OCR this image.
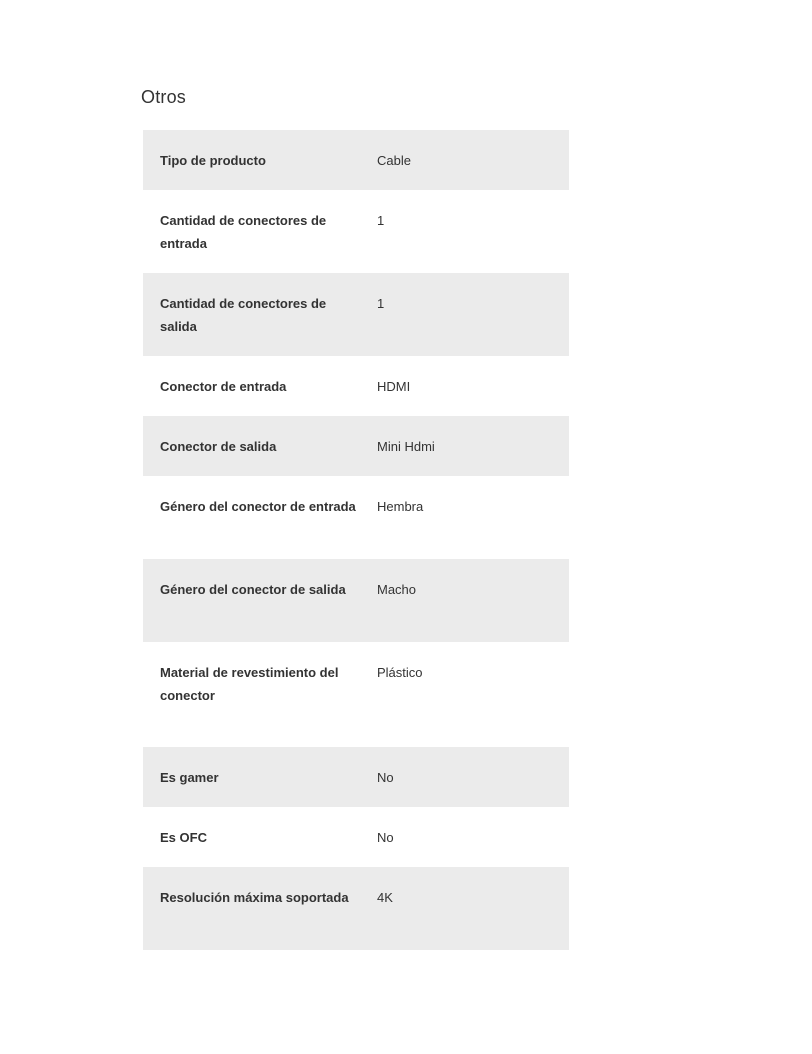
Otros
Tipo de producto	Cable

Cantidad de conectores de entrada	1

Cantidad de conectores de salida	1

Conector de entrada	HDMI

Conector de salida	Mini Hdmi

Género del conector de entrada	Hembra

Género del conector de salida	Macho

Material de revestimiento del conector	Plástico

Es gamer	No

Es OFC	No

Resolución máxima soportada	4K
